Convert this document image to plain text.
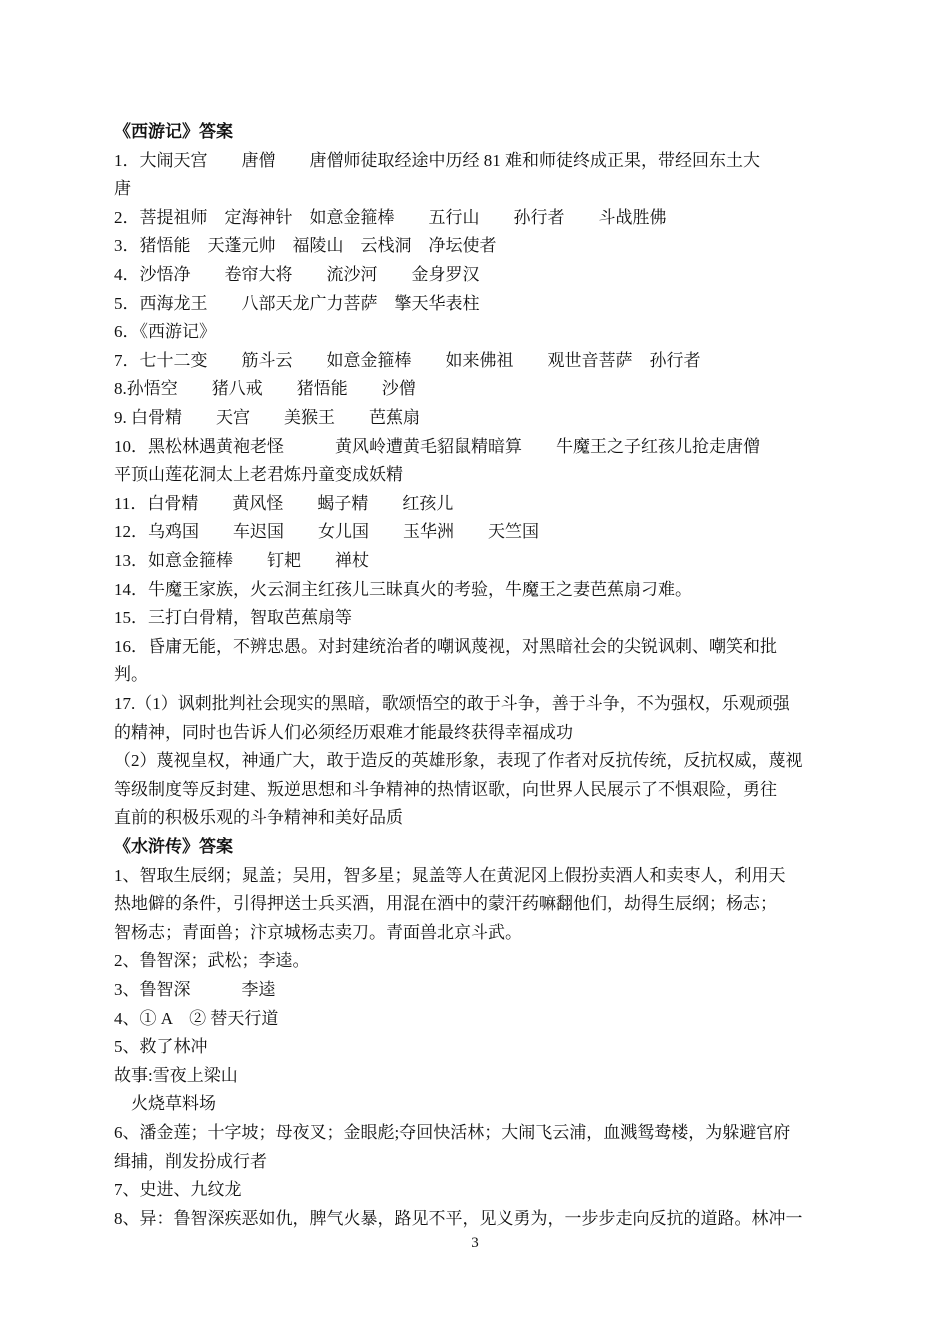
《西游记》答案
1．大闹天宫　　唐僧　　唐僧师徒取经途中历经 81 难和师徒终成正果，带经回东土大
唐
2．菩提祖师　定海神针　如意金箍棒　　五行山　　孙行者　　斗战胜佛
3．猪悟能　天蓬元帅　福陵山　云栈洞　净坛使者
4．沙悟净　　卷帘大将　　流沙河　　金身罗汉
5．西海龙王　　八部天龙广力菩萨　擎天华表柱
6．《西游记》
7．七十二变　　筋斗云　　如意金箍棒　　如来佛祖　　观世音菩萨　孙行者
8.孙悟空　　猪八戒　　猪悟能　　沙僧
9. 白骨精　　天宫　　美猴王　　芭蕉扇
10．黑松林遇黄袍老怪　　　黄风岭遭黄毛貂鼠精暗算　　牛魔王之子红孩儿抢走唐僧
平顶山莲花洞太上老君炼丹童变成妖精
11．白骨精　　黄风怪　　蝎子精　　红孩儿
12．乌鸡国　　车迟国　　女儿国　　玉华洲　　天竺国
13．如意金箍棒　　钉耙　　禅杖
14．牛魔王家族，火云洞主红孩儿三昧真火的考验，牛魔王之妻芭蕉扇刁难。
15．三打白骨精，智取芭蕉扇等
16．昏庸无能，不辨忠愚。对封建统治者的嘲讽蔑视，对黑暗社会的尖锐讽刺、嘲笑和批
判。
17.（1）讽刺批判社会现实的黑暗，歌颂悟空的敢于斗争，善于斗争，不为强权，乐观顽强
的精神，同时也告诉人们必须经历艰难才能最终获得幸福成功
（2）蔑视皇权，神通广大，敢于造反的英雄形象，表现了作者对反抗传统，反抗权威，蔑视
等级制度等反封建、叛逆思想和斗争精神的热情讴歌，向世界人民展示了不惧艰险，勇往
直前的积极乐观的斗争精神和美好品质
《水浒传》答案
1、智取生辰纲；晁盖；吴用，智多星；晁盖等人在黄泥冈上假扮卖酒人和卖枣人，利用天
热地僻的条件，引得押送士兵买酒，用混在酒中的蒙汗药嘛翻他们，劫得生辰纲；杨志；
智杨志；青面兽；汴京城杨志卖刀。青面兽北京斗武。
2、鲁智深；武松；李逵。
3、鲁智深　　　李逵
4、① A　② 替天行道
5、救了林冲
故事:雪夜上梁山
　火烧草料场
6、潘金莲；十字坡；母夜叉；金眼彪;夺回快活林；大闹飞云浦，血溅鸳鸯楼，为躲避官府
缉捕，削发扮成行者
7、史进、九纹龙
8、异：鲁智深疾恶如仇，脾气火暴，路见不平，见义勇为，一步步走向反抗的道路。林冲一
3
